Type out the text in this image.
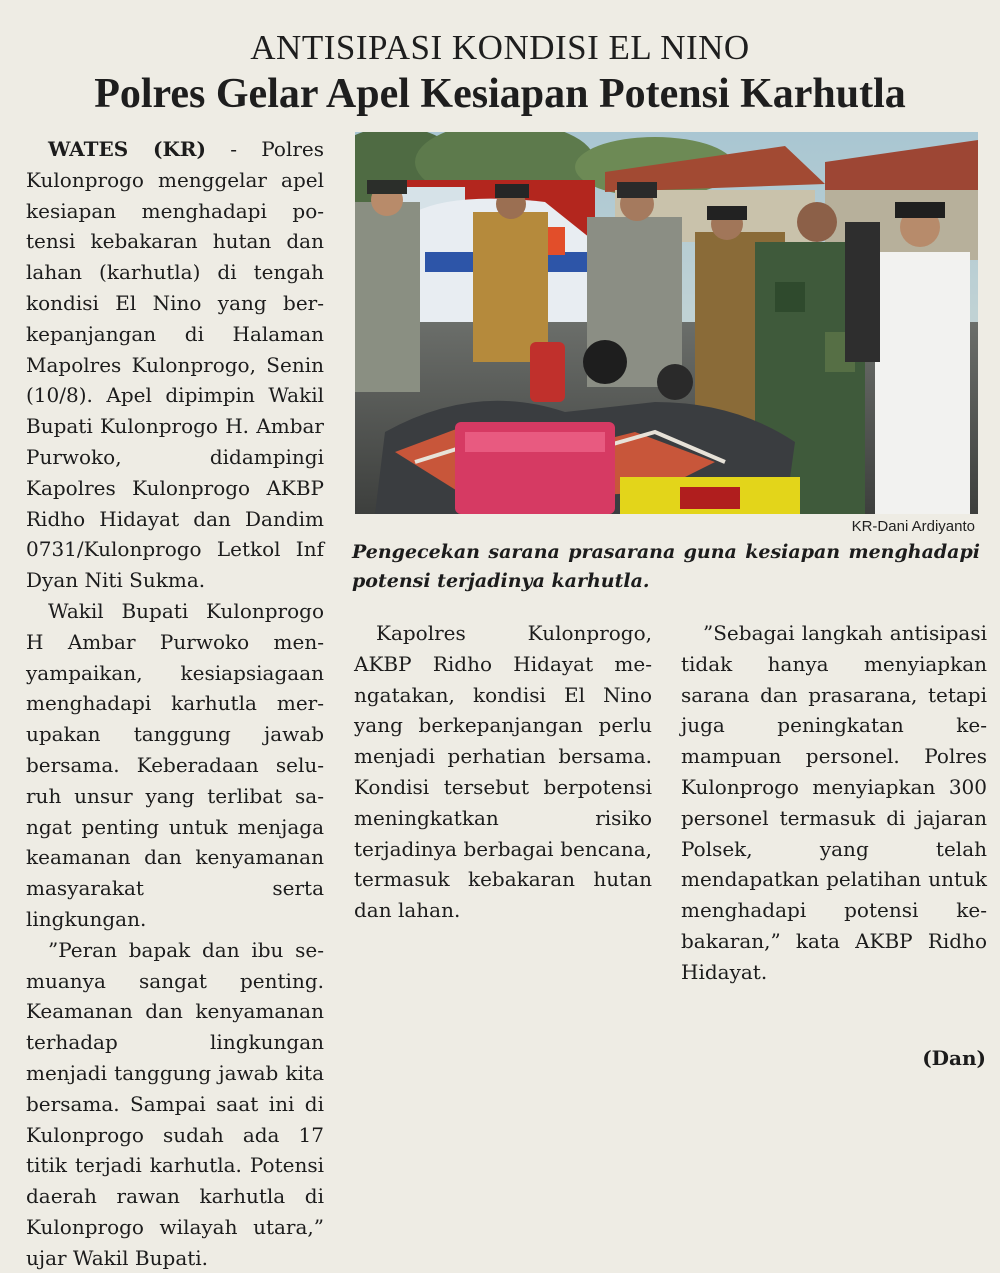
ANTISIPASI KONDISI EL NINO
Polres Gelar Apel Kesiapan Potensi Karhutla

WATES (KR) - Polres Kulonprogo menggelar apel kesiapan menghadapi potensi kebakaran hutan dan lahan (karhutla) di tengah kondisi El Nino yang berkepanjangan di Halaman Mapolres Kulonprogo, Senin (10/8). Apel dipimpin Wakil Bupati Kulonprogo H. Ambar Purwoko, didampingi Kapolres Kulonprogo AKBP Ridho Hidayat dan Dandim 0731/Kulonprogo Letkol Inf Dyan Niti Sukma.

Wakil Bupati Kulonprogo H Ambar Purwoko menyampaikan, kesiapsiagaan menghadapi karhutla merupakan tanggung jawab bersama. Keberadaan seluruh unsur yang terlibat sangat penting untuk menjaga keamanan dan kenyamanan masyarakat serta lingkungan.

”Peran bapak dan ibu semuanya sangat penting. Keamanan dan kenyamanan terhadap lingkungan menjadi tanggung jawab kita bersama. Sampai saat ini di Kulonprogo sudah ada 17 titik terjadi karhutla. Potensi daerah rawan karhutla di Kulonprogo wilayah utara,” ujar Wakil Bupati.

Kapolres Kulonprogo, AKBP Ridho Hidayat mengatakan, kondisi El Nino yang berkepanjangan perlu menjadi perhatian bersama. Kondisi tersebut berpotensi meningkatkan risiko terjadinya berbagai bencana, termasuk kebakaran hutan dan lahan.

”Sebagai langkah antisipasi tidak hanya menyiapkan sarana dan prasarana, tetapi juga peningkatan kemampuan personel. Polres Kulonprogo menyiapkan 300 personel termasuk di jajaran Polsek, yang telah mendapatkan pelatihan untuk menghadapi potensi kebakaran,” kata AKBP Ridho Hidayat.

KR-Dani Ardiyanto
Pengecekan sarana prasarana guna kesiapan menghadapi potensi terjadinya karhutla.
(Dan)
